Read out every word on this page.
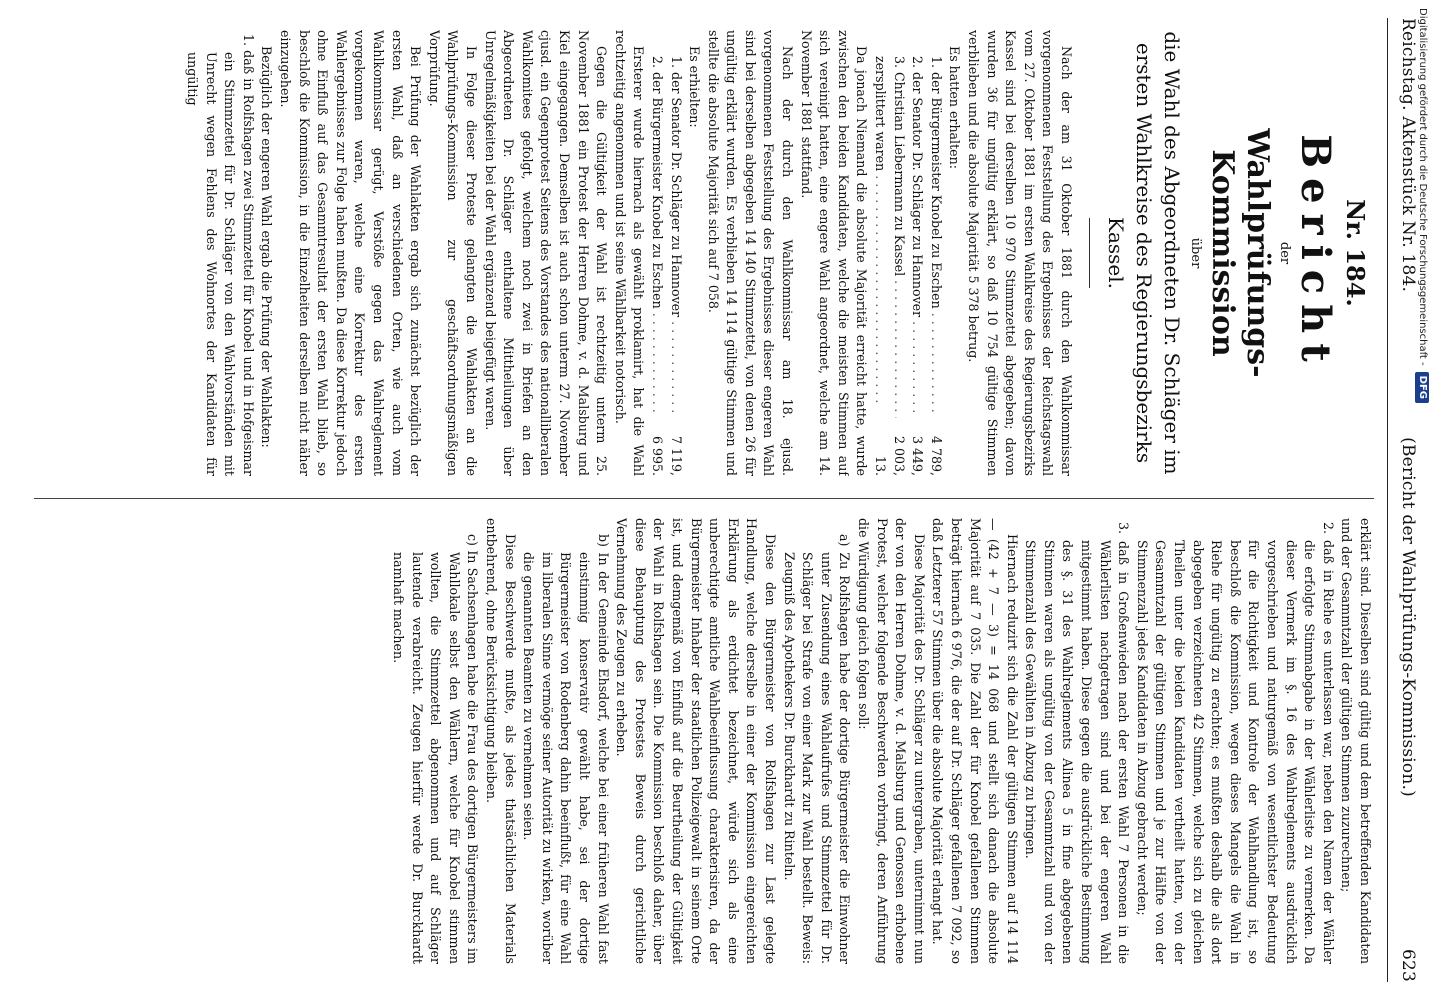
Reichstag. Aktenstück Nr. 184.
(Bericht der Wahlprüfungs-Kommission.)
623
Nr. 184.
Bericht
der
Wahlprüfungs-Kommission
über
die Wahl des Abgeordneten Dr. Schläger im ersten Wahlkreise des Regierungsbezirks Kassel.

Nach der am 31 Oktober 1881 durch den Wahlkommissar vorgenommenen Feststellung des Ergebnisses der Reichstagswahl vom 27. Oktober 1881 im ersten Wahlkreise des Regierungsbezirks Kassel sind bei derselben 10 970 Stimmzettel abgegeben; davon wurden 36 für ungültig erklärt, so daß 10 754 gültige Stimmen verblieben und die absolute Majorität 5 378 betrug.

Es hatten erhalten:

1. der Bürgermeister Knobel zu Eschen . . .
4 789,
2. der Senator Dr. Schläger zu Hannover . . .
3 449,
3. Christian Liebermann zu Kassel . . .
2 003,
zersplittert waren . . .
13.

Da jonach Niemand die absolute Majorität erreicht hatte, wurde zwischen den beiden Kandidaten, welche die meisten Stimmen auf sich vereinigt hatten, eine engere Wahl angeordnet, welche am 14. November 1881 stattfand.

Nach der durch den Wahlkommissar am 18. ejusd. vorgenommenen Feststellung des Ergebnisses dieser engeren Wahl sind bei derselben abgegeben 14 140 Stimmzettel, von denen 26 für ungültig erklärt wurden. Es verblieben 14 114 gültige Stimmen und stellte die absolute Majorität sich auf 7 058.

Es erhielten:

1. der Senator Dr. Schläger zu Hannover . . .
7 119,
2. der Bürgermeister Knobel zu Eschen . . .
6 995.

Ersterer wurde hiernach als gewählt proklamirt, hat die Wahl rechtzeitig angenommen und ist seine Wählbarkeit notorisch.

Gegen die Gültigkeit der Wahl ist rechtzeitig unterm 25. November 1881 ein Protest der Herren Dohme, v. d. Malsburg und Kiel eingegangen. Demselben ist auch schon unterm 27. November cjusd. ein Gegenprotest Seitens des Vorstandes des nationalliberalen Wahlkomitees gefolgt, welchem noch zwei in Briefen an den Abgeordneten Dr. Schläger enthaltene Mittheilungen über Unregelmäßigkeiten bei der Wahl ergänzend beigefügt waren.

In Folge dieser Proteste gelangten die Wahlakten an die Wahlprüfungs-Kommission zur geschäftsordnungsmäßigen Vorprüfung.

Bei Prüfung der Wahlakten ergab sich zunächst bezüglich der ersten Wahl, daß an verschiedenen Orten, wie auch vom Wahlkommissar gerügt, Verstöße gegen das Wahlreglement vorgekommen waren, welche eine Korrektur des ersten Wahlergebnisses zur Folge haben mußten. Da diese Korrektur jedoch ohne Einfluß auf das Gesammtresultat der ersten Wahl blieb, so beschloß die Kommission, in die Einzelheiten derselben nicht näher einzugehen.

Bezüglich der engeren Wahl ergab die Prüfung der Wahlakten:

1. daß in Rolfshagen zwei Stimmzettel für Knobel und in Hofgeismar ein Stimmzettel für Dr. Schläger von den Wahlvorständen mit Unrecht wegen Fehlens des Wohnortes der Kandidaten für ungültig

erklärt sind. Dieselben sind gültig und dem betreffenden Kandidaten und der Gesammtzahl der gültigen Stimmen zuzurechnen;

2. daß in Riehe es unterlassen war, neben den Namen der Wähler die erfolgte Stimmabgabe in der Wählerliste zu vermerken. Da dieser Vermerk im §. 16 des Wahlreglements ausdrücklich vorgeschrieben und naturgemäß von wesentlichster Bedeutung für die Richtigkeit und Kontrole der Wahlhandlung ist, so beschloß die Kommission, wegen dieses Mangels die Wahl in Riehe für ungültig zu erachten; es mußten deshalb die als dort abgegeben verzeichneten 42 Stimmen, welche sich zu gleichen Theilen unter die beiden Kandidaten vertheilt hatten, von der Gesammtzahl der gültigen Stimmen und je zur Hälfte von der Stimmenzahl jedes Kandidaten in Abzug gebracht werden;
3. daß in Großenwieden nach der ersten Wahl 7 Personen in die Wählerlisten nachgetragen sind und bei der engeren Wahl mitgestimmt haben. Diese gegen die ausdrückliche Bestimmung des §. 31 des Wahlreglements Alinea 5 in fine abgegebenen Stimmen waren als ungültig von der Gesammtzahl und von der Stimmenzahl des Gewählten in Abzug zu bringen.

Hiernach reduzirt sich die Zahl der gültigen Stimmen auf 14 114 — (42 + 7 — 3) = 14 068 und stellt sich danach die absolute Majorität auf 7 035. Die Zahl der für Knobel gefallenen Stimmen beträgt hiernach 6 976, die der auf Dr. Schläger gefallenen 7 092, so daß Letzterer 57 Stimmen über die absolute Majorität erlangt hat.

Diese Majorität des Dr. Schläger zu untergraben, unternimmt nun der von den Herren Dohme, v. d. Malsburg und Genossen erhobene Protest, welcher folgende Beschwerden vorbringt, deren Anführung die Würdigung gleich folgen soll:

a) Zu Rolfshagen habe der dortige Bürgermeister die Einwohner unter Zusendung eines Wahlaufrufes und Stimmzettel für Dr. Schläger bei Strafe von einer Mark zur Wahl bestellt. Beweis: Zeugniß des Apothekers Dr. Burckhardt zu Rinteln.

Diese den Bürgermeister von Rolfshagen zur Last gelegte Handlung, welche derselbe in einer der Kommission eingereichten Erklärung als erdichtet bezeichnet, würde sich als eine unberechtigte amtliche Wahlbeeinflussung charakterisiren, da der Bürgermeister Inhaber der staatlichen Polizeigewalt in seinem Orte ist, und demgemäß von Einfluß auf die Beurtheilung der Gültigkeit der Wahl in Rolfshagen sein. Die Kommission beschloß daher, über diese Behauptung des Protestes Beweis durch gerichtliche Vernehmung des Zeugen zu erheben.

b) In der Gemeinde Ehsdorf, welche bei einer früheren Wahl fast einstimmig konservativ gewählt habe, sei der dortige Bürgermeister von Rodenberg dahin beeinflußt, für eine Wahl im liberalen Sinne vermöge seiner Autorität zu wirken, worüber die genannten Beamten zu vernehmen seien.

Diese Beschwerde mußte, als jedes thatsächlichen Materials entbehrend, ohne Berücksichtigung bleiben.

c) In Sachsenhagen habe die Frau des dortigen Bürgermeisters im Wahllokale selbst den Wählern, welche für Knobel stimmen wollten, die Stimmzettel abgenommen und auf Schläger lautende verabreicht. Zeugen hierfür werde Dr. Burckhardt namhaft machen.
Digitalisierung gefördert durch die Deutsche Forschungsgemeinschaft -DFG
